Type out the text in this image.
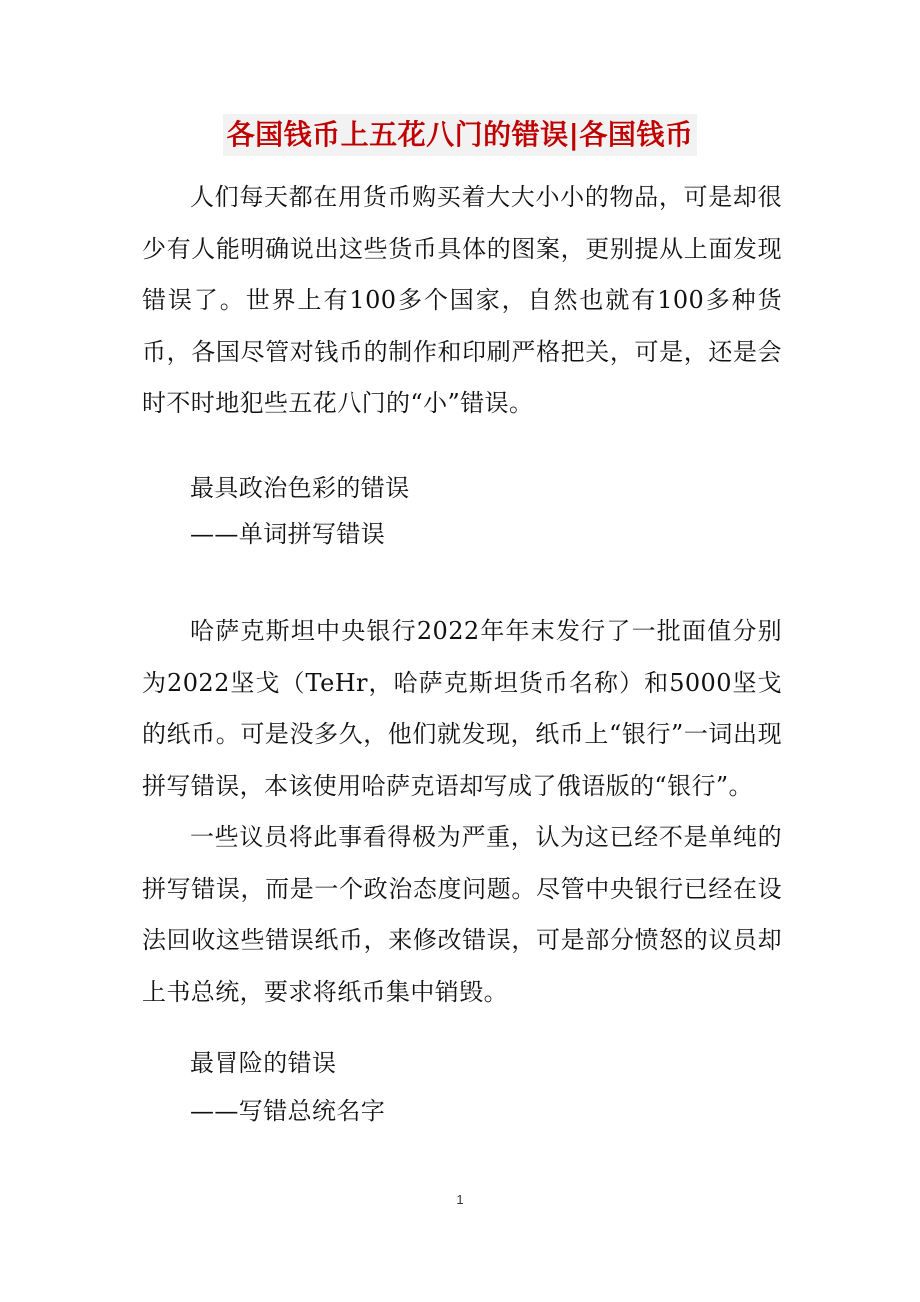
各国钱币上五花八门的错误|各国钱币

人们每天都在用货币购买着大大小小的物品，可是却很少有人能明确说出这些货币具体的图案，更别提从上面发现错误了。世界上有100多个国家，自然也就有100多种货币，各国尽管对钱币的制作和印刷严格把关，可是，还是会时不时地犯些五花八门的“小”错误。

最具政治色彩的错误

——单词拼写错误

哈萨克斯坦中央银行2022年年末发行了一批面值分别为2022坚戈（TeHr，哈萨克斯坦货币名称）和5000坚戈的纸币。可是没多久，他们就发现，纸币上“银行”一词出现拼写错误，本该使用哈萨克语却写成了俄语版的“银行”。

一些议员将此事看得极为严重，认为这已经不是单纯的拼写错误，而是一个政治态度问题。尽管中央银行已经在设法回收这些错误纸币，来修改错误，可是部分愤怒的议员却上书总统，要求将纸币集中销毁。

最冒险的错误

——写错总统名字

1
